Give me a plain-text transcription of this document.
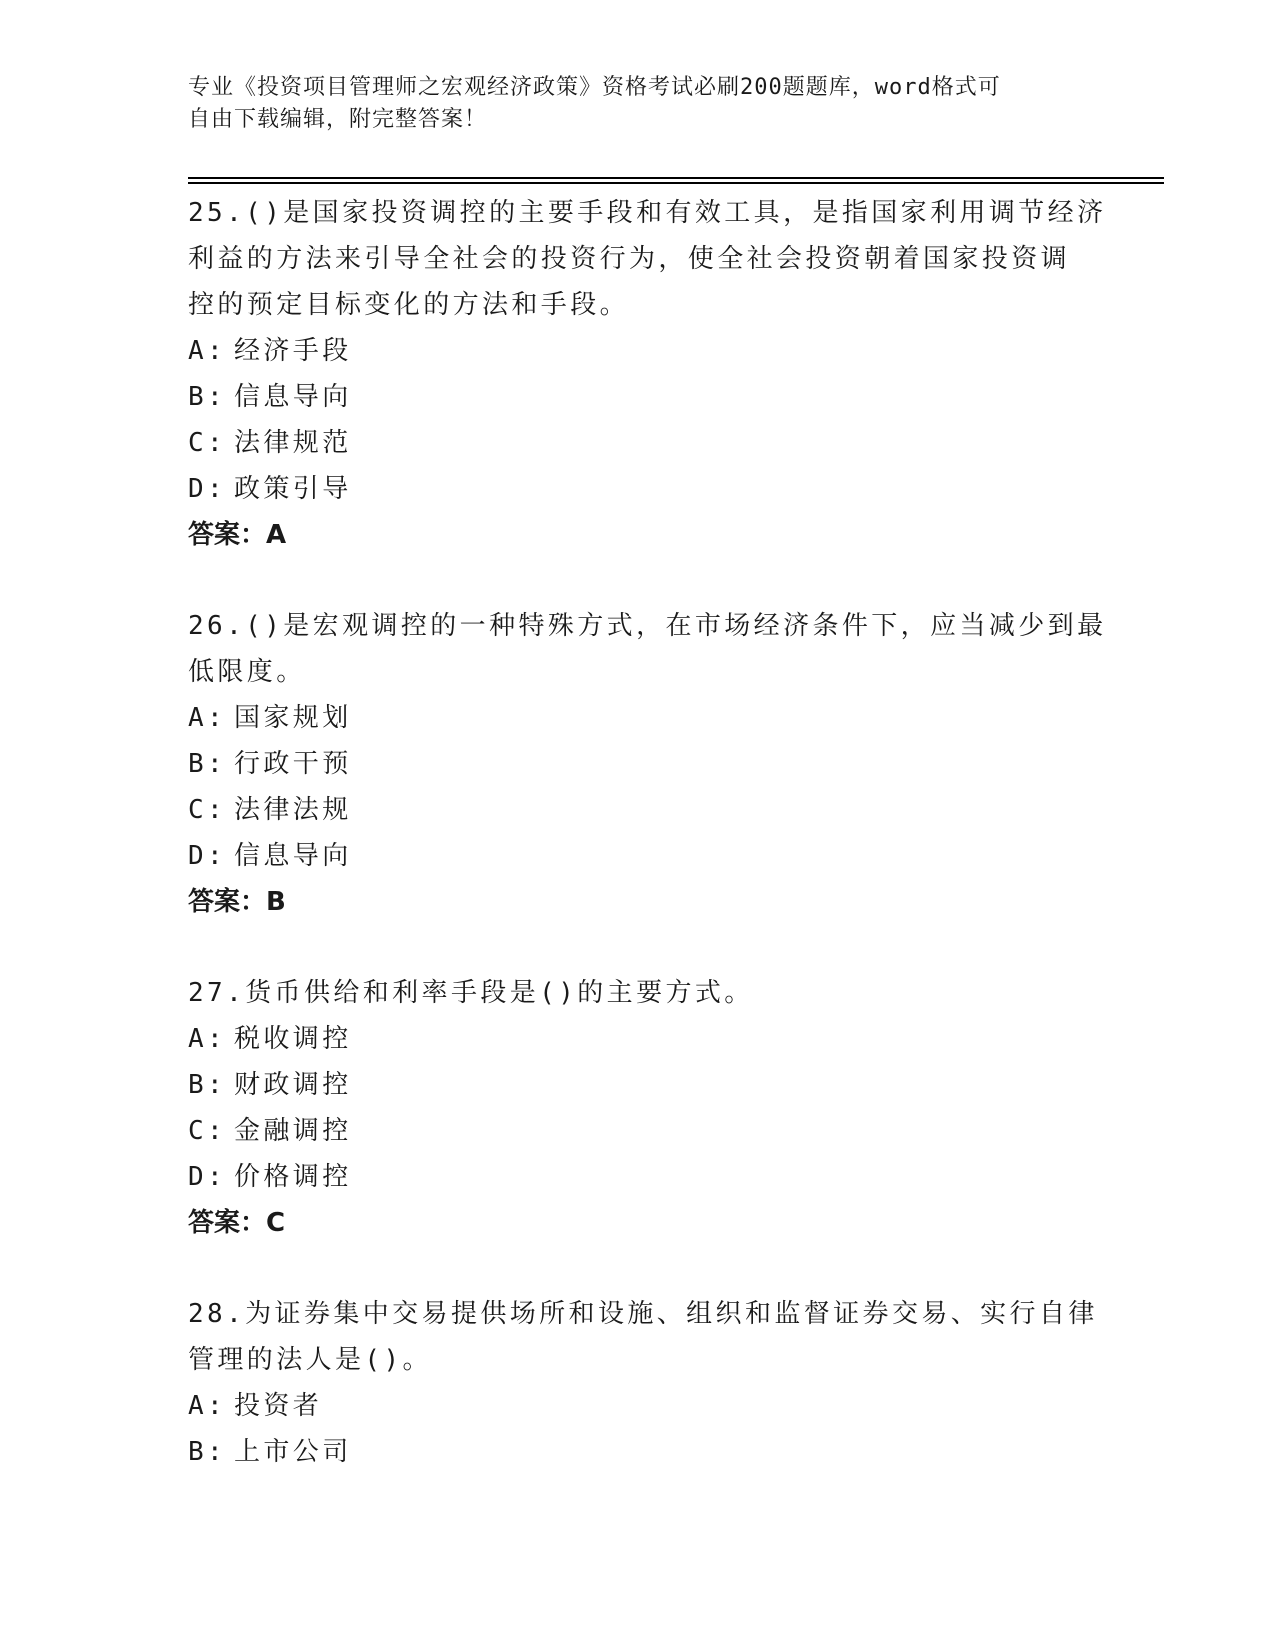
专业《投资项目管理师之宏观经济政策》资格考试必刷200题题库，word格式可
自由下载编辑，附完整答案！
25.()是国家投资调控的主要手段和有效工具，是指国家利用调节经济
利益的方法来引导全社会的投资行为，使全社会投资朝着国家投资调
控的预定目标变化的方法和手段。
A: 经济手段
B: 信息导向
C: 法律规范
D: 政策引导
答案：A
26.()是宏观调控的一种特殊方式，在市场经济条件下，应当减少到最
低限度。
A: 国家规划
B: 行政干预
C: 法律法规
D: 信息导向
答案：B
27.货币供给和利率手段是()的主要方式。
A: 税收调控
B: 财政调控
C: 金融调控
D: 价格调控
答案：C
28.为证券集中交易提供场所和设施、组织和监督证券交易、实行自律
管理的法人是()。
A: 投资者
B: 上市公司
